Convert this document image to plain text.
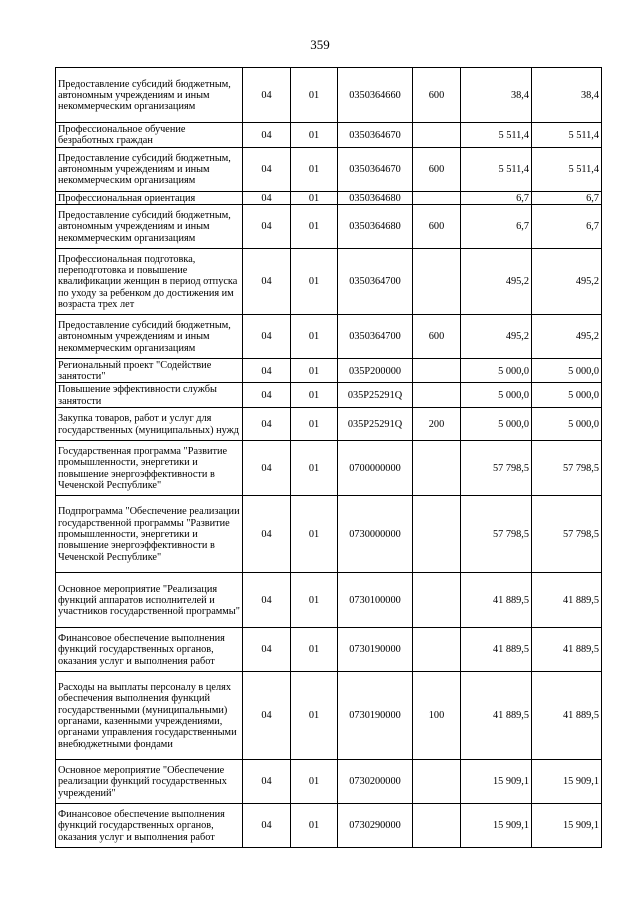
359
Предоставление субсидий бюджетным, автономным учреждениям и иным некоммерческим организациям	04	01	0350364660	600	38,4	38,4
Профессиональное обучение безработных граждан	04	01	0350364670		5 511,4	5 511,4
Предоставление субсидий бюджетным, автономным учреждениям и иным некоммерческим организациям	04	01	0350364670	600	5 511,4	5 511,4
Профессиональная ориентация	04	01	0350364680		6,7	6,7
Предоставление субсидий бюджетным, автономным учреждениям и иным некоммерческим организациям	04	01	0350364680	600	6,7	6,7
Профессиональная подготовка, переподготовка и повышение квалификации женщин в период отпуска по уходу за ребенком до достижения им возраста трех лет	04	01	0350364700		495,2	495,2
Предоставление субсидий бюджетным, автономным учреждениям и иным некоммерческим организациям	04	01	0350364700	600	495,2	495,2
Региональный проект "Содействие занятости"	04	01	035P200000		5 000,0	5 000,0
Повышение эффективности службы занятости	04	01	035P25291Q		5 000,0	5 000,0
Закупка товаров, работ и услуг для государственных (муниципальных) нужд	04	01	035P25291Q	200	5 000,0	5 000,0
Государственная программа "Развитие промышленности, энергетики и повышение энергоэффективности в Чеченской Республике"	04	01	0700000000		57 798,5	57 798,5
Подпрограмма "Обеспечение реализации государственной программы "Развитие промышленности, энергетики и повышение энергоэффективности в Чеченской Республике"	04	01	0730000000		57 798,5	57 798,5
Основное мероприятие "Реализация функций аппаратов исполнителей и участников государственной программы"	04	01	0730100000		41 889,5	41 889,5
Финансовое обеспечение выполнения функций государственных органов, оказания услуг и выполнения работ	04	01	0730190000		41 889,5	41 889,5
Расходы на выплаты персоналу в целях обеспечения выполнения функций государственными (муниципальными) органами, казенными учреждениями, органами управления государственными внебюджетными фондами	04	01	0730190000	100	41 889,5	41 889,5
Основное мероприятие "Обеспечение реализации функций государственных учреждений"	04	01	0730200000		15 909,1	15 909,1
Финансовое обеспечение выполнения функций государственных органов, оказания услуг и выполнения работ	04	01	0730290000		15 909,1	15 909,1
